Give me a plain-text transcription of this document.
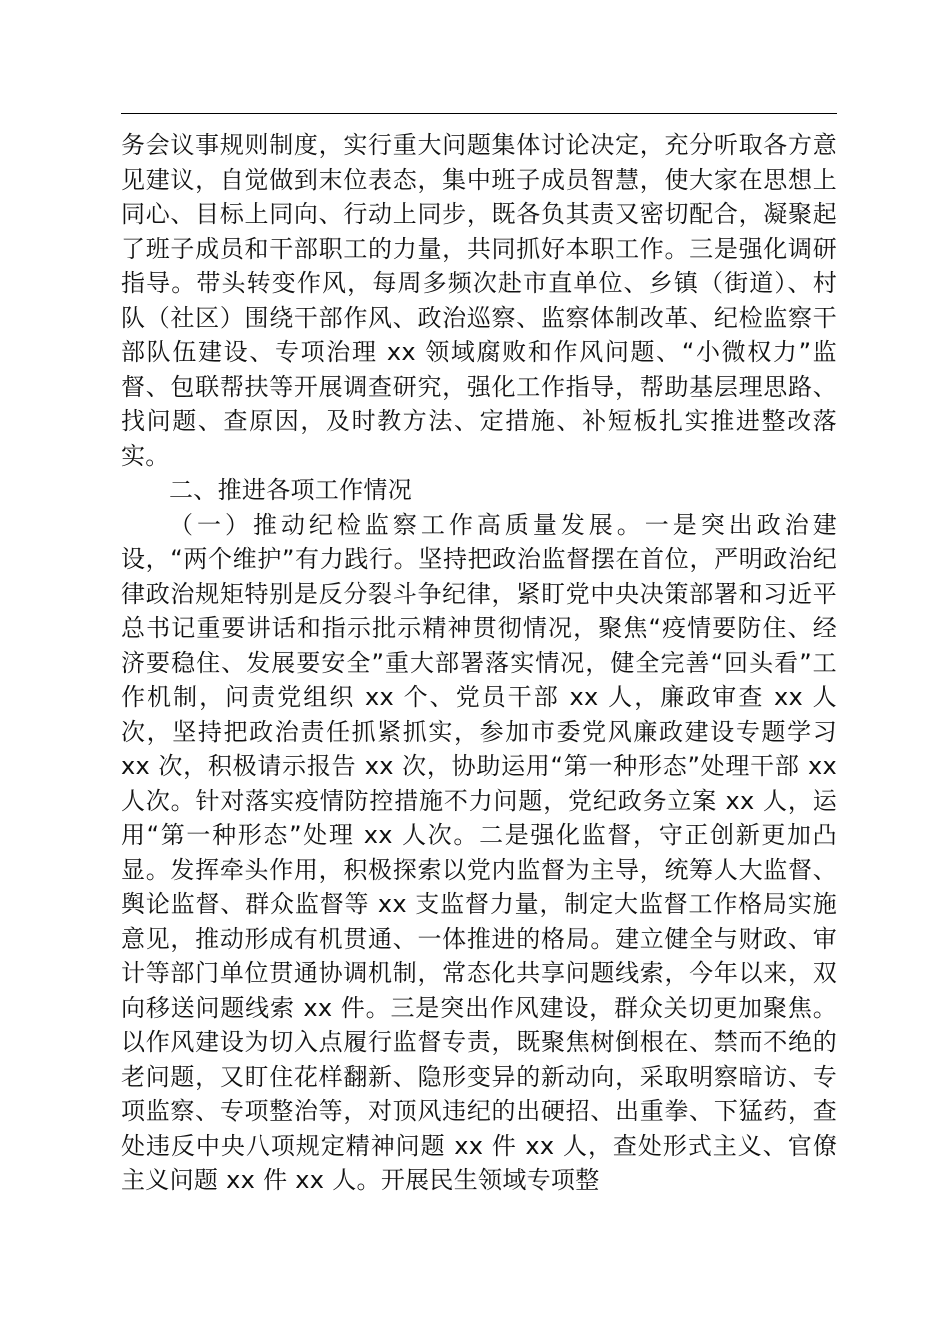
务会议事规则制度，实行重大问题集体讨论决定，充分听取各方意见建议，自觉做到末位表态，集中班子成员智慧，使大家在思想上同心、目标上同向、行动上同步，既各负其责又密切配合，凝聚起了班子成员和干部职工的力量，共同抓好本职工作。三是强化调研指导。带头转变作风，每周多频次赴市直单位、乡镇（街道）、村队（社区）围绕干部作风、政治巡察、监察体制改革、纪检监察干部队伍建设、专项治理 xx 领域腐败和作风问题、“小微权力”监督、包联帮扶等开展调查研究，强化工作指导，帮助基层理思路、找问题、查原因，及时教方法、定措施、补短板扎实推进整改落实。

二、推进各项工作情况

（一）推动纪检监察工作高质量发展。一是突出政治建设，“两个维护”有力践行。坚持把政治监督摆在首位，严明政治纪律政治规矩特别是反分裂斗争纪律，紧盯党中央决策部署和习近平总书记重要讲话和指示批示精神贯彻情况，聚焦“疫情要防住、经济要稳住、发展要安全”重大部署落实情况，健全完善“回头看”工作机制，问责党组织 xx 个、党员干部 xx 人，廉政审查 xx 人次，坚持把政治责任抓紧抓实，参加市委党风廉政建设专题学习 xx 次，积极请示报告 xx 次，协助运用“第一种形态”处理干部 xx 人次。针对落实疫情防控措施不力问题，党纪政务立案 xx 人，运用“第一种形态”处理 xx 人次。二是强化监督，守正创新更加凸显。发挥牵头作用，积极探索以党内监督为主导，统筹人大监督、舆论监督、群众监督等 xx 支监督力量，制定大监督工作格局实施意见，推动形成有机贯通、一体推进的格局。建立健全与财政、审计等部门单位贯通协调机制，常态化共享问题线索，今年以来，双向移送问题线索 xx 件。三是突出作风建设，群众关切更加聚焦。以作风建设为切入点履行监督专责，既聚焦树倒根在、禁而不绝的老问题，又盯住花样翻新、隐形变异的新动向，采取明察暗访、专项监察、专项整治等，对顶风违纪的出硬招、出重拳、下猛药，查处违反中央八项规定精神问题 xx 件 xx 人，查处形式主义、官僚主义问题 xx 件 xx 人。开展民生领域专项整
